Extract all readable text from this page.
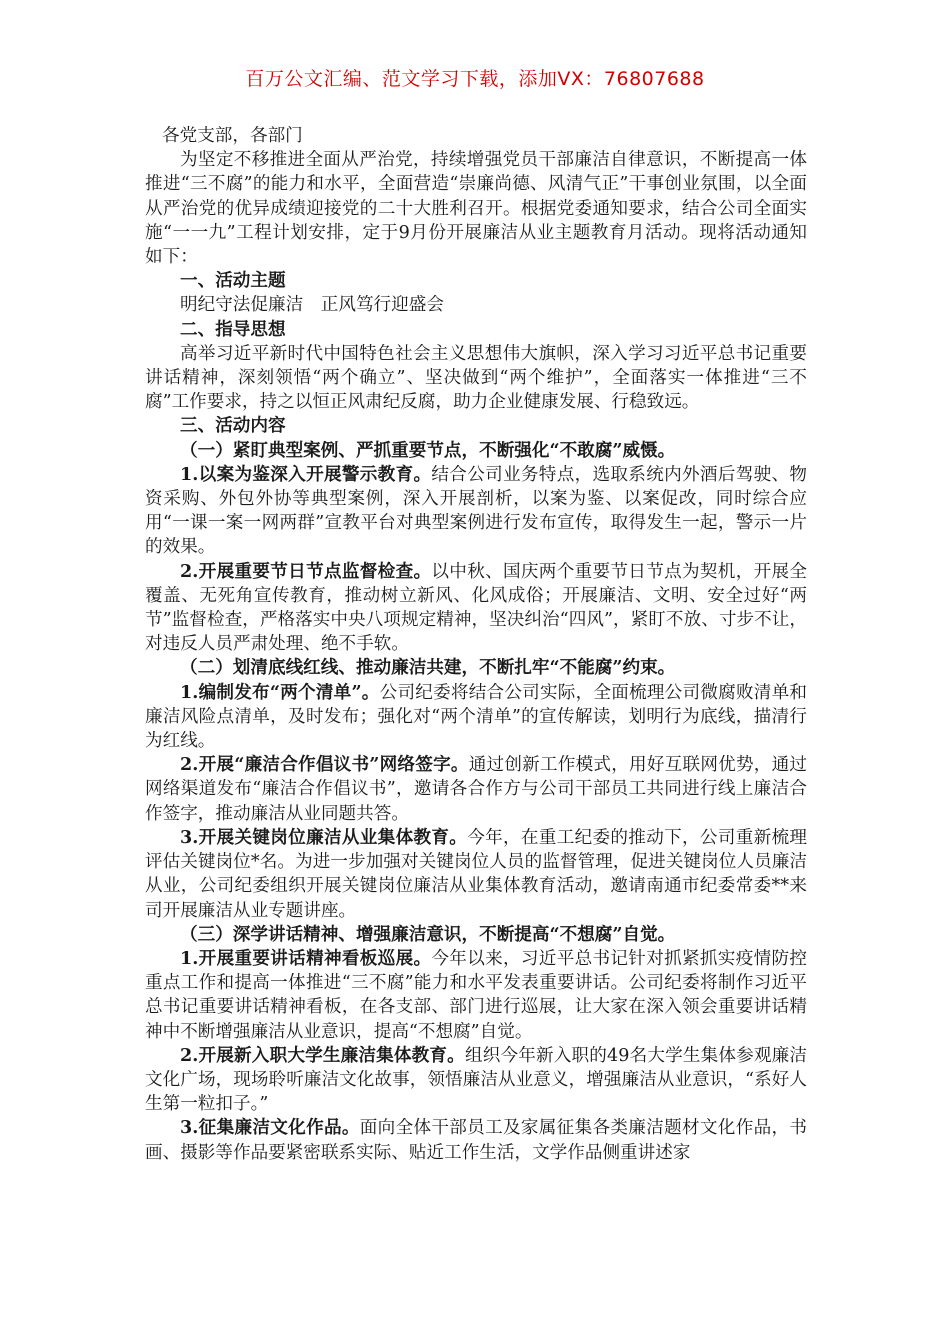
百万公文汇编、范文学习下载，添加VX：76807688

各党支部，各部门

为坚定不移推进全面从严治党，持续增强党员干部廉洁自律意识，不断提高一体推进“三不腐”的能力和水平，全面营造“崇廉尚德、风清气正”干事创业氛围，以全面从严治党的优异成绩迎接党的二十大胜利召开。根据党委通知要求，结合公司全面实施“一一九”工程计划安排，定于9月份开展廉洁从业主题教育月活动。现将活动通知如下：

一、活动主题

明纪守法促廉洁　正风笃行迎盛会

二、指导思想

高举习近平新时代中国特色社会主义思想伟大旗帜，深入学习习近平总书记重要讲话精神，深刻领悟“两个确立”、坚决做到“两个维护”，全面落实一体推进“三不腐”工作要求，持之以恒正风肃纪反腐，助力企业健康发展、行稳致远。

三、活动内容

（一）紧盯典型案例、严抓重要节点，不断强化“不敢腐”威慑。

1.以案为鉴深入开展警示教育。结合公司业务特点，选取系统内外酒后驾驶、物资采购、外包外协等典型案例，深入开展剖析，以案为鉴、以案促改，同时综合应用“一课一案一网两群”宣教平台对典型案例进行发布宣传，取得发生一起，警示一片的效果。

2.开展重要节日节点监督检查。以中秋、国庆两个重要节日节点为契机，开展全覆盖、无死角宣传教育，推动树立新风、化风成俗；开展廉洁、文明、安全过好“两节”监督检查，严格落实中央八项规定精神，坚决纠治“四风”，紧盯不放、寸步不让，对违反人员严肃处理、绝不手软。

（二）划清底线红线、推动廉洁共建，不断扎牢“不能腐”约束。

1.编制发布“两个清单”。公司纪委将结合公司实际，全面梳理公司微腐败清单和廉洁风险点清单，及时发布；强化对“两个清单”的宣传解读，划明行为底线，描清行为红线。

2.开展“廉洁合作倡议书”网络签字。通过创新工作模式，用好互联网优势，通过网络渠道发布“廉洁合作倡议书”，邀请各合作方与公司干部员工共同进行线上廉洁合作签字，推动廉洁从业同题共答。

3.开展关键岗位廉洁从业集体教育。今年，在重工纪委的推动下，公司重新梳理评估关键岗位*名。为进一步加强对关键岗位人员的监督管理，促进关键岗位人员廉洁从业，公司纪委组织开展关键岗位廉洁从业集体教育活动，邀请南通市纪委常委**来司开展廉洁从业专题讲座。

（三）深学讲话精神、增强廉洁意识，不断提高“不想腐”自觉。

1.开展重要讲话精神看板巡展。今年以来，习近平总书记针对抓紧抓实疫情防控重点工作和提高一体推进“三不腐”能力和水平发表重要讲话。公司纪委将制作习近平总书记重要讲话精神看板，在各支部、部门进行巡展，让大家在深入领会重要讲话精神中不断增强廉洁从业意识，提高“不想腐”自觉。

2.开展新入职大学生廉洁集体教育。组织今年新入职的49名大学生集体参观廉洁文化广场，现场聆听廉洁文化故事，领悟廉洁从业意义，增强廉洁从业意识，“系好人生第一粒扣子。”

3.征集廉洁文化作品。面向全体干部员工及家属征集各类廉洁题材文化作品，书画、摄影等作品要紧密联系实际、贴近工作生活，文学作品侧重讲述家
